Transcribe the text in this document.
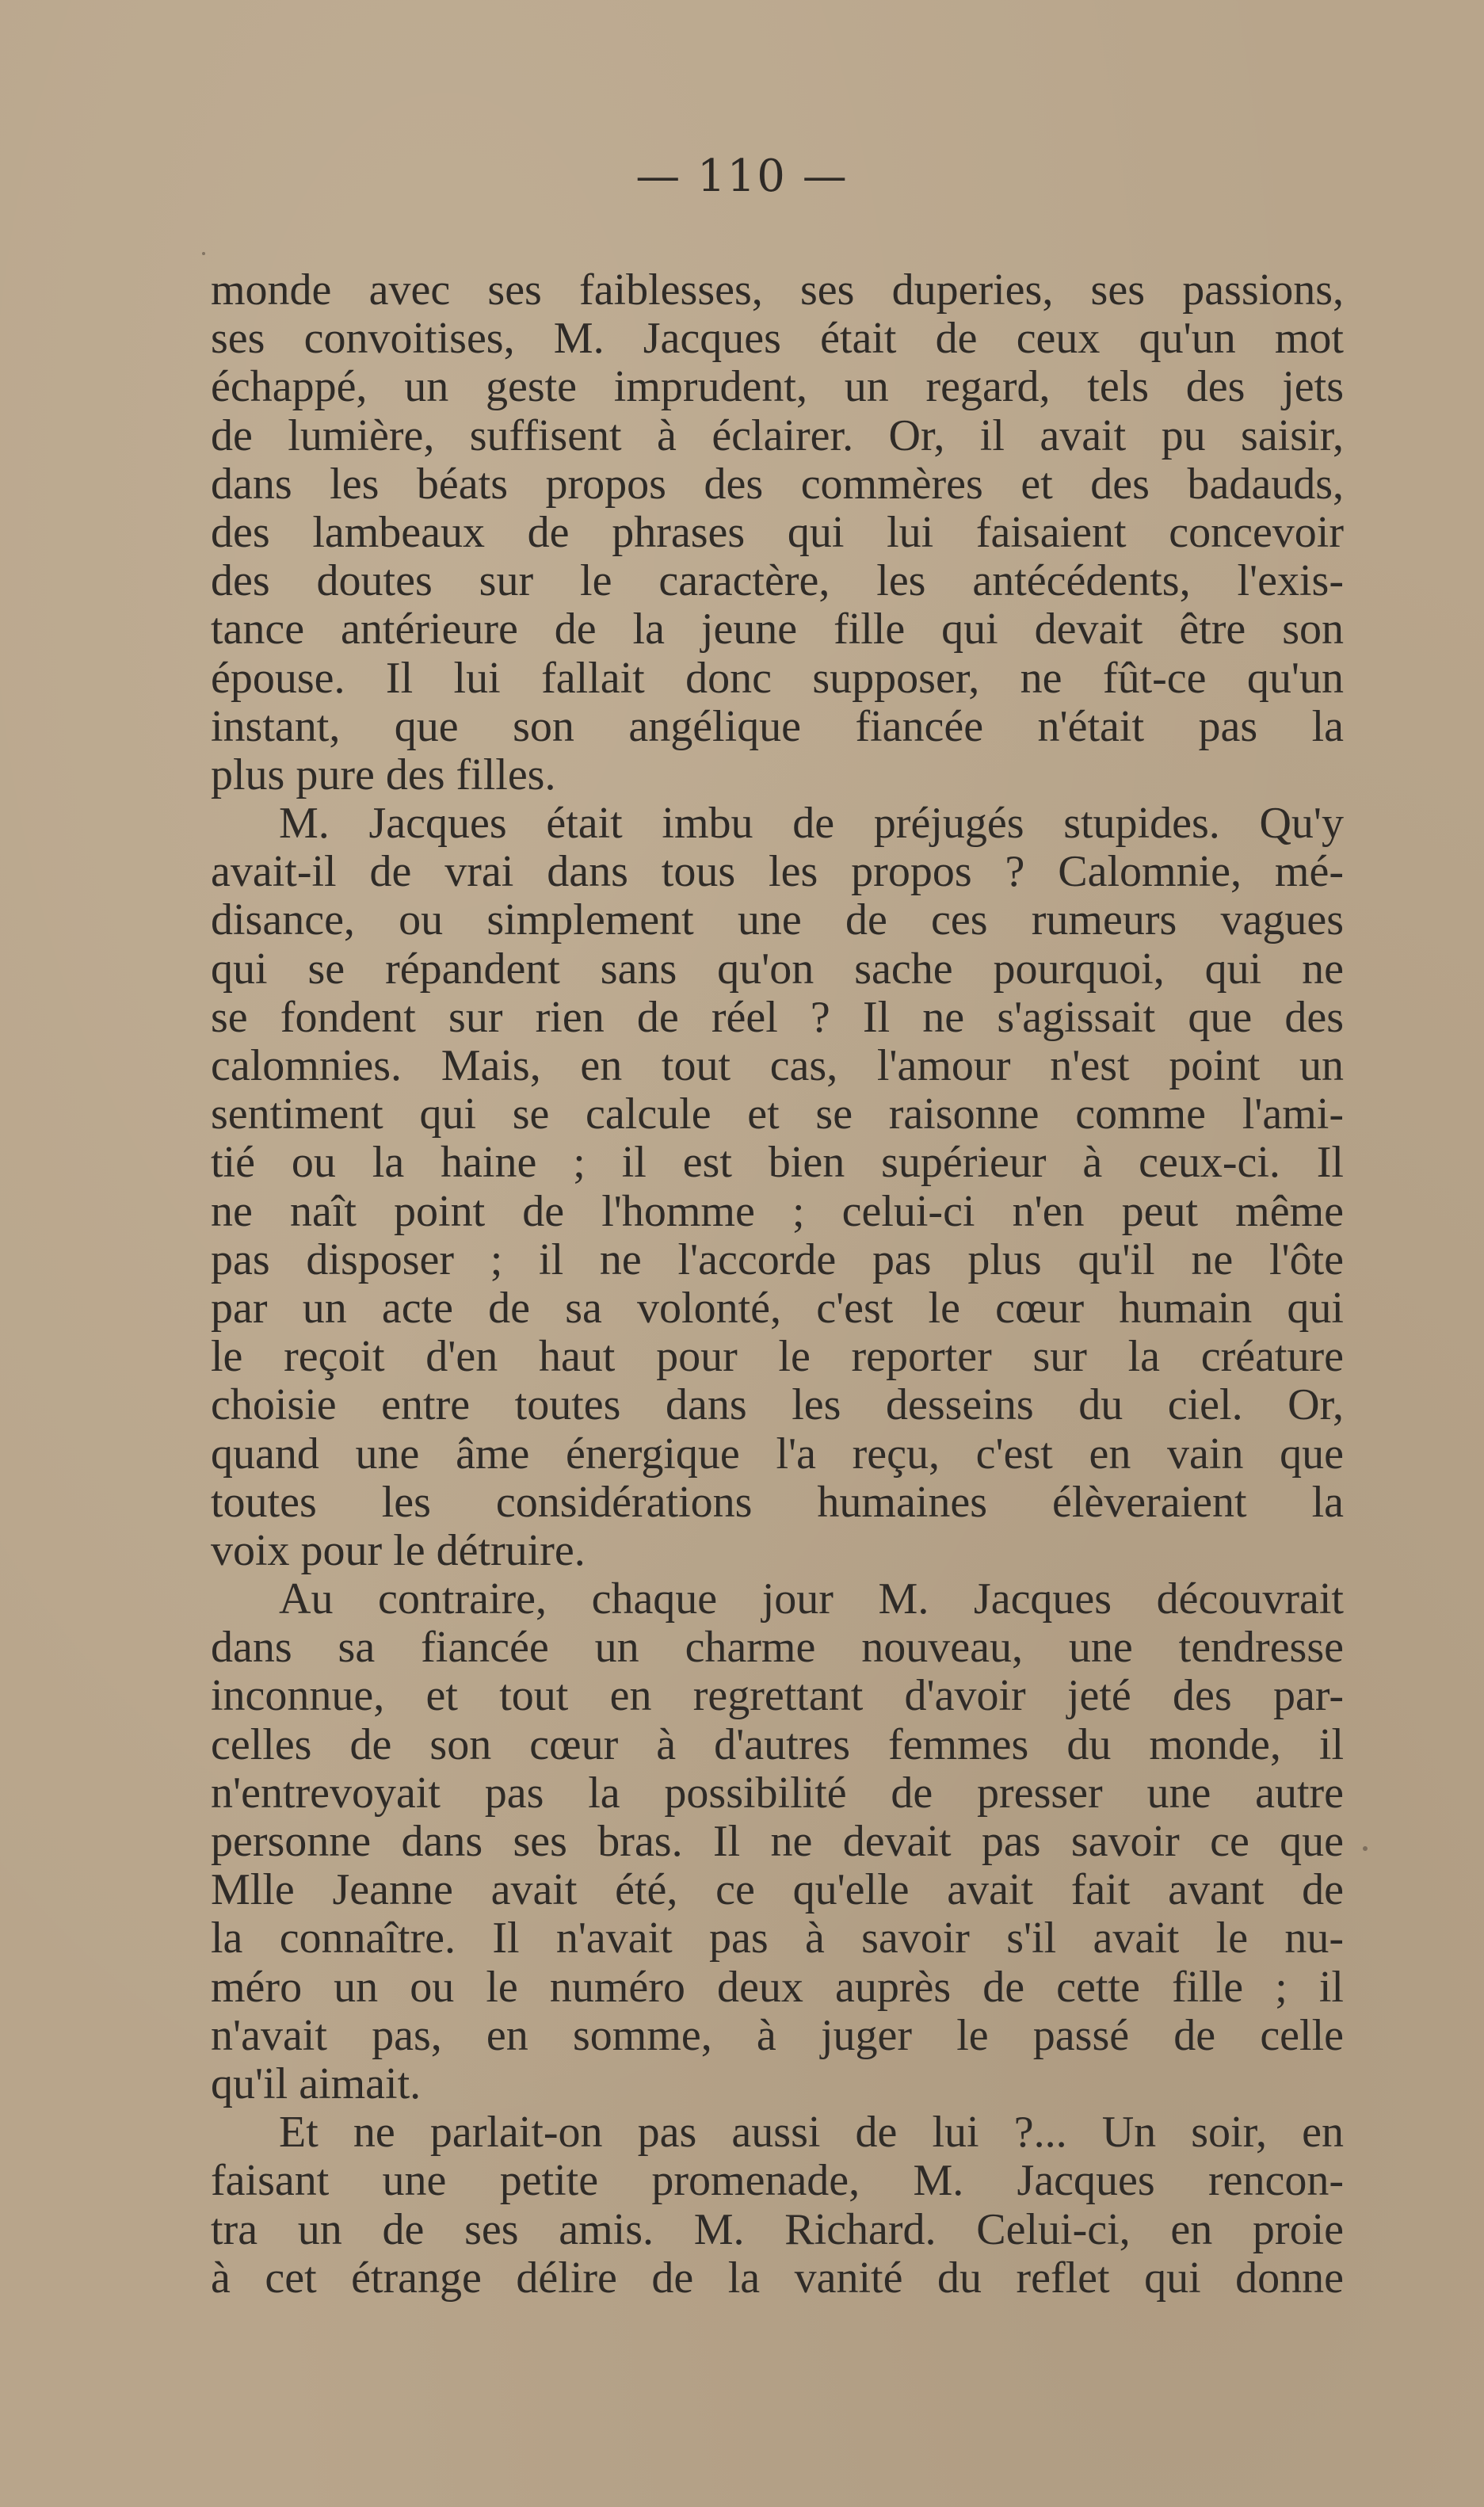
— 110 —
monde avec ses faiblesses, ses duperies, ses passions,
ses convoitises, M. Jacques était de ceux qu'un mot
échappé, un geste imprudent, un regard, tels des jets
de lumière, suffisent à éclairer. Or, il avait pu saisir,
dans les béats propos des commères et des badauds,
des lambeaux de phrases qui lui faisaient concevoir
des doutes sur le caractère, les antécédents, l'exis-
tance antérieure de la jeune fille qui devait être son
épouse. Il lui fallait donc supposer, ne fût-ce qu'un
instant, que son angélique fiancée n'était pas la
plus pure des filles.
M. Jacques était imbu de préjugés stupides. Qu'y
avait-il de vrai dans tous les propos ? Calomnie, mé-
disance, ou simplement une de ces rumeurs vagues
qui se répandent sans qu'on sache pourquoi, qui ne
se fondent sur rien de réel ? Il ne s'agissait que des
calomnies. Mais, en tout cas, l'amour n'est point un
sentiment qui se calcule et se raisonne comme l'ami-
tié ou la haine ; il est bien supérieur à ceux-ci. Il
ne naît point de l'homme ; celui-ci n'en peut même
pas disposer ; il ne l'accorde pas plus qu'il ne l'ôte
par un acte de sa volonté, c'est le cœur humain qui
le reçoit d'en haut pour le reporter sur la créature
choisie entre toutes dans les desseins du ciel. Or,
quand une âme énergique l'a reçu, c'est en vain que
toutes les considérations humaines élèveraient la
voix pour le détruire.
Au contraire, chaque jour M. Jacques découvrait
dans sa fiancée un charme nouveau, une tendresse
inconnue, et tout en regrettant d'avoir jeté des par-
celles de son cœur à d'autres femmes du monde, il
n'entrevoyait pas la possibilité de presser une autre
personne dans ses bras. Il ne devait pas savoir ce que
Mlle Jeanne avait été, ce qu'elle avait fait avant de
la connaître. Il n'avait pas à savoir s'il avait le nu-
méro un ou le numéro deux auprès de cette fille ; il
n'avait pas, en somme, à juger le passé de celle
qu'il aimait.
Et ne parlait-on pas aussi de lui ?... Un soir, en
faisant une petite promenade, M. Jacques rencon-
tra un de ses amis. M. Richard. Celui-ci, en proie
à cet étrange délire de la vanité du reflet qui donne
